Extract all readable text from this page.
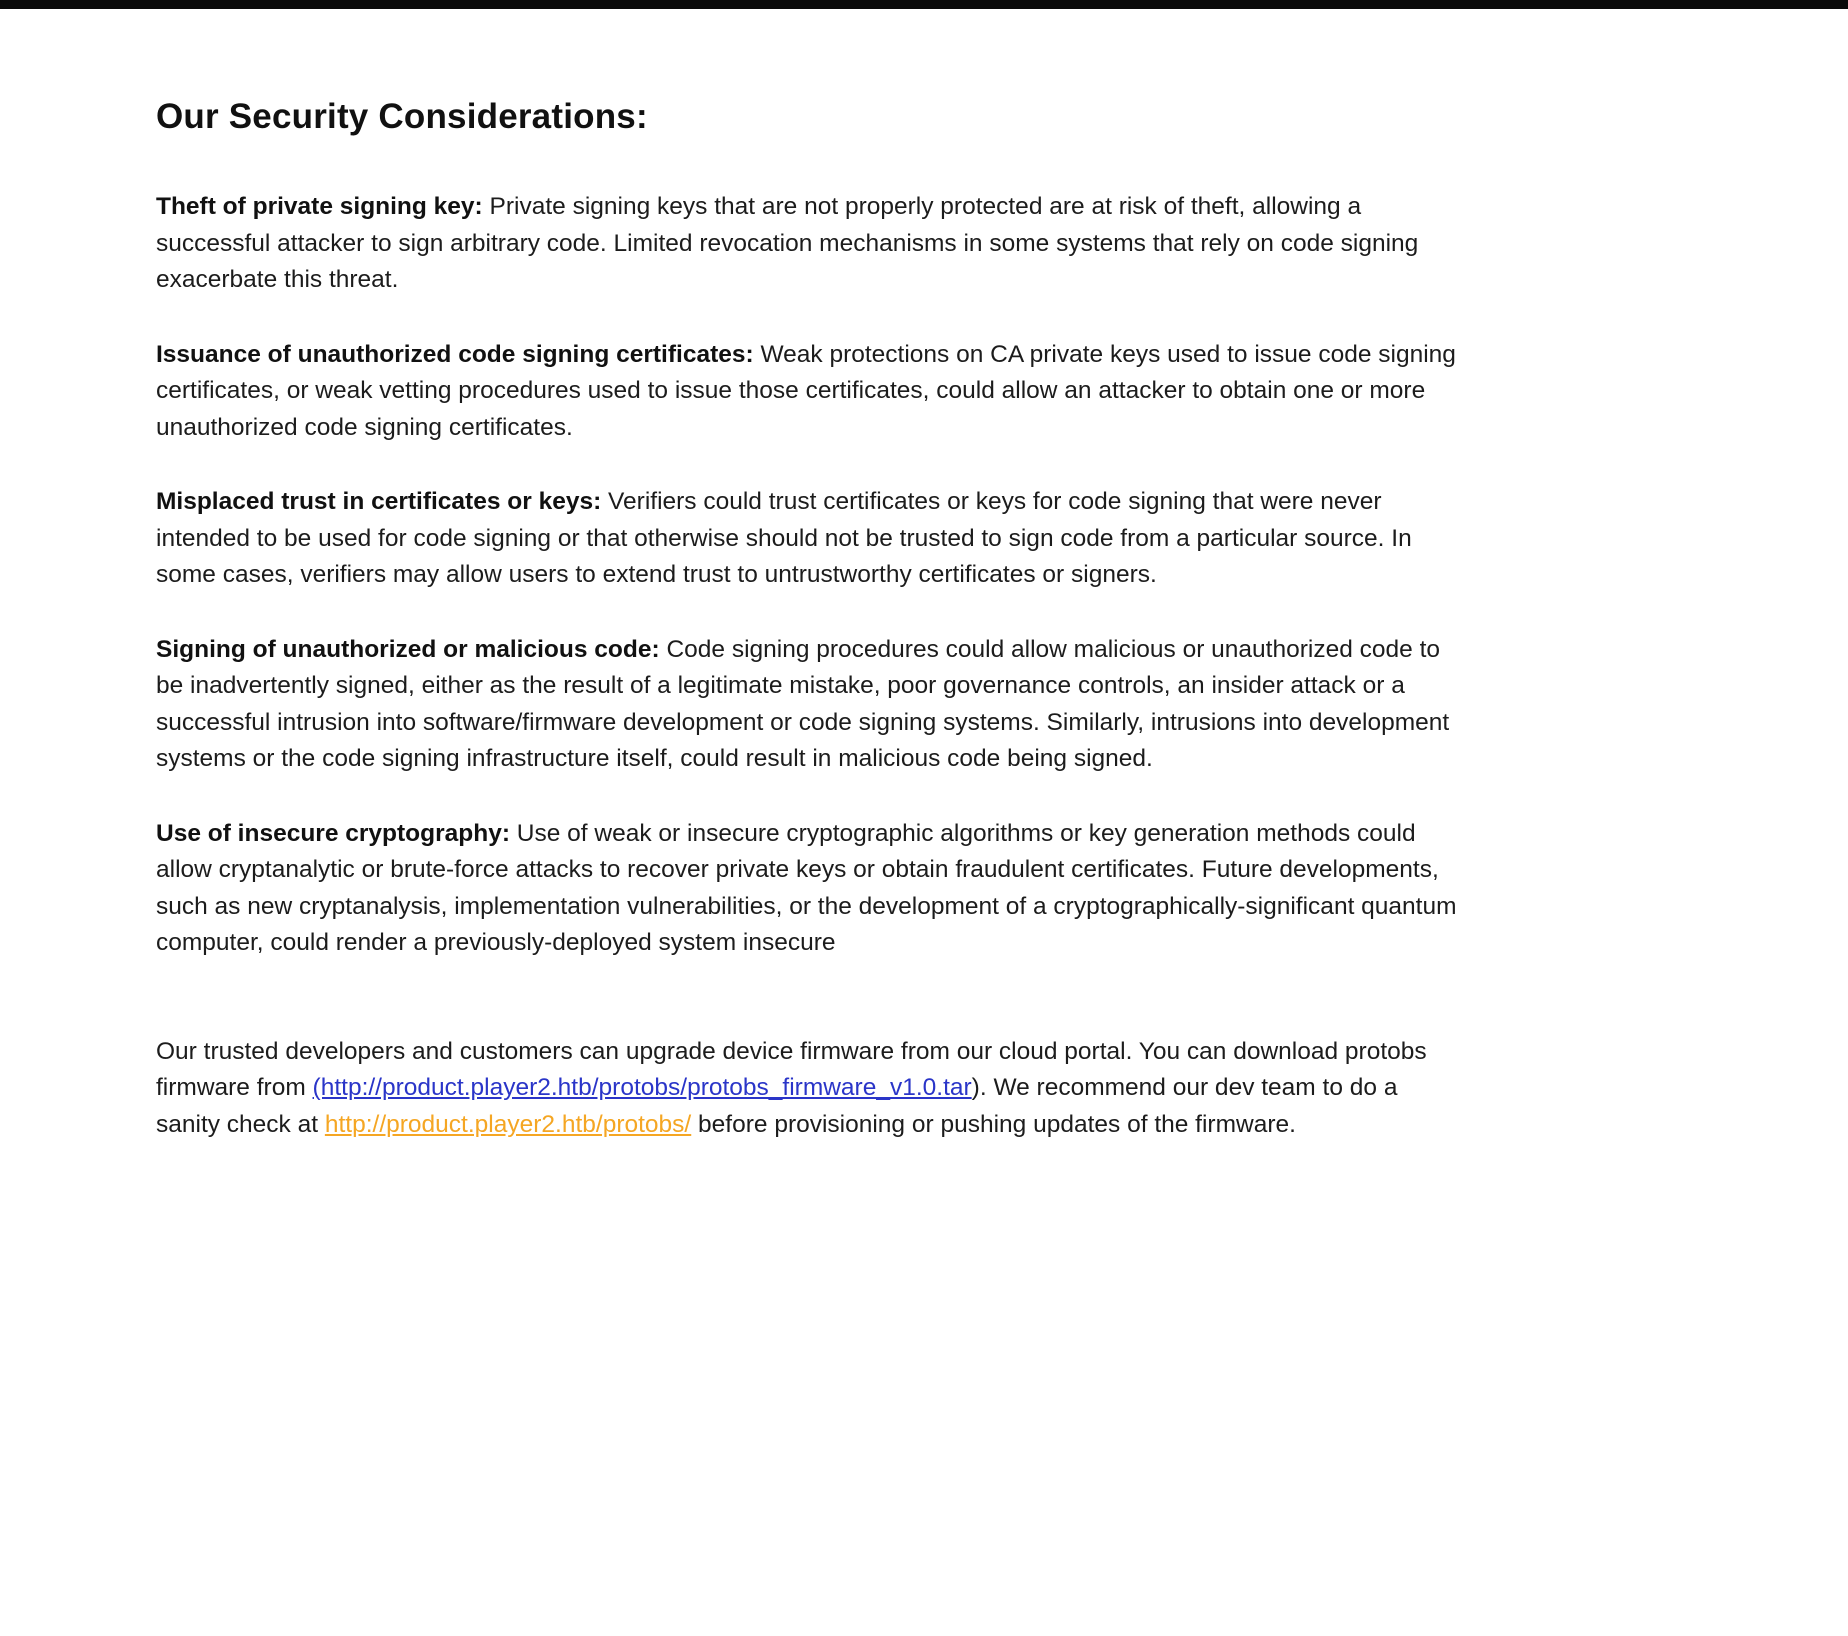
Our Security Considerations:

Theft of private signing key: Private signing keys that are not properly protected are at risk of theft, allowing a successful attacker to sign arbitrary code. Limited revocation mechanisms in some systems that rely on code signing exacerbate this threat.

Issuance of unauthorized code signing certificates: Weak protections on CA private keys used to issue code signing certificates, or weak vetting procedures used to issue those certificates, could allow an attacker to obtain one or more unauthorized code signing certificates.

Misplaced trust in certificates or keys: Verifiers could trust certificates or keys for code signing that were never intended to be used for code signing or that otherwise should not be trusted to sign code from a particular source. In some cases, verifiers may allow users to extend trust to untrustworthy certificates or signers.

Signing of unauthorized or malicious code: Code signing procedures could allow malicious or unauthorized code to be inadvertently signed, either as the result of a legitimate mistake, poor governance controls, an insider attack or a successful intrusion into software/firmware development or code signing systems. Similarly, intrusions into development systems or the code signing infrastructure itself, could result in malicious code being signed.

Use of insecure cryptography: Use of weak or insecure cryptographic algorithms or key generation methods could allow cryptanalytic or brute-force attacks to recover private keys or obtain fraudulent certificates. Future developments, such as new cryptanalysis, implementation vulnerabilities, or the development of a cryptographically-significant quantum computer, could render a previously-deployed system insecure

Our trusted developers and customers can upgrade device firmware from our cloud portal. You can download protobs firmware from (http://product.player2.htb/protobs/protobs_firmware_v1.0.tar). We recommend our dev team to do a sanity check at http://product.player2.htb/protobs/ before provisioning or pushing updates of the firmware.
